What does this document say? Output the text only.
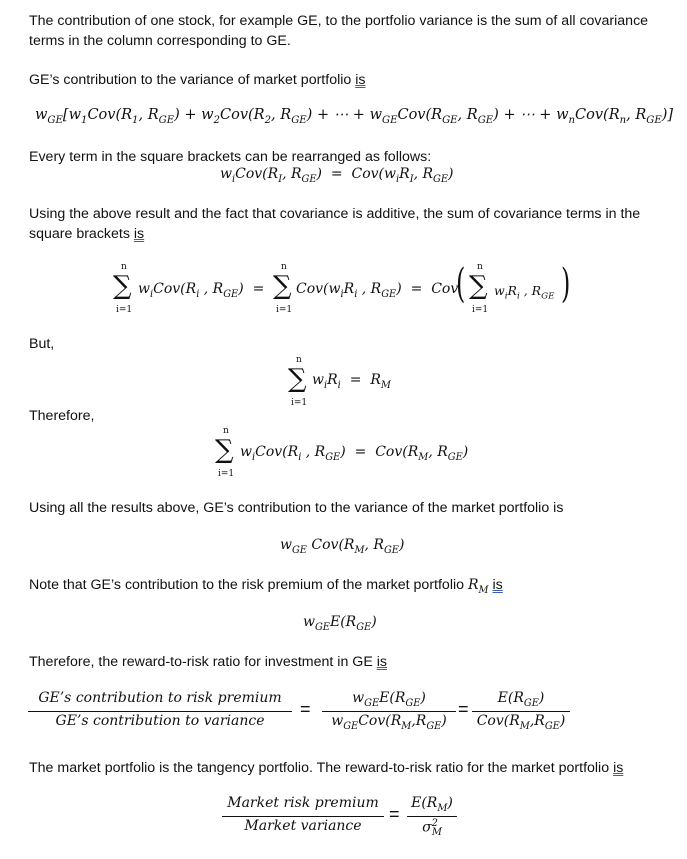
The contribution of one stock, for example GE, to the portfolio variance is the sum of all covariance terms in the column corresponding to GE.
GE’s contribution to the variance of market portfolio is
$w_{GE}[w_1Cov(R_1$, $R_{GE}) + w_2Cov(R_2$, $R_{GE}$) + ⋯ + $w_{GE}Cov(R_{GE}$, $R_{GE}$) + ⋯ + $w_nCov(R_n$, $R_{GE}$)]
Every term in the square brackets can be rearranged as follows:
$w_iCov(R_I$, $R_{GE}) = Cov(w_iR_I$, $R_{GE}$)
Using the above result and the fact that covariance is additive, the sum of covariance terms in the square brackets is
n
∑
i=1
$w_iCov(R_i$ , $R_{GE}$)  =
n
∑
i=1
$Cov(w_iR_i$ , $R_{GE}$)  =  Cov
( n
∑
i=1
$w_iR_i$ , $R_{GE}$ )
But,
n
∑
i=1
$w_iR_i = R_M$
Therefore,
n
∑
i=1
$w_iCov(R_i$ , $R_{GE}) = Cov(R_M$, $R_{GE}$)
Using all the results above, GE’s contribution to the variance of the market portfolio is
$w_{GE}$ $Cov(R_M$, $R_{GE}$)
Note that GE’s contribution to the risk premium of the market portfolio $R_M$ is
$w_{GE}E(R_{GE})$
Therefore, the reward-to-risk ratio for investment in GE is
GE’s contribution to risk premium
GE’s contribution to variance
=
$w_{GE}E(R_{GE})$
$w_{GE}Cov(R_M,R_{GE})$
=
$E(R_{GE})$
$Cov(R_M,R_{GE})$
The market portfolio is the tangency portfolio. The reward-to-risk ratio for the market portfolio is
Market risk premium
Market variance
=
$E(R_M)$
$\sigma^2_M$
